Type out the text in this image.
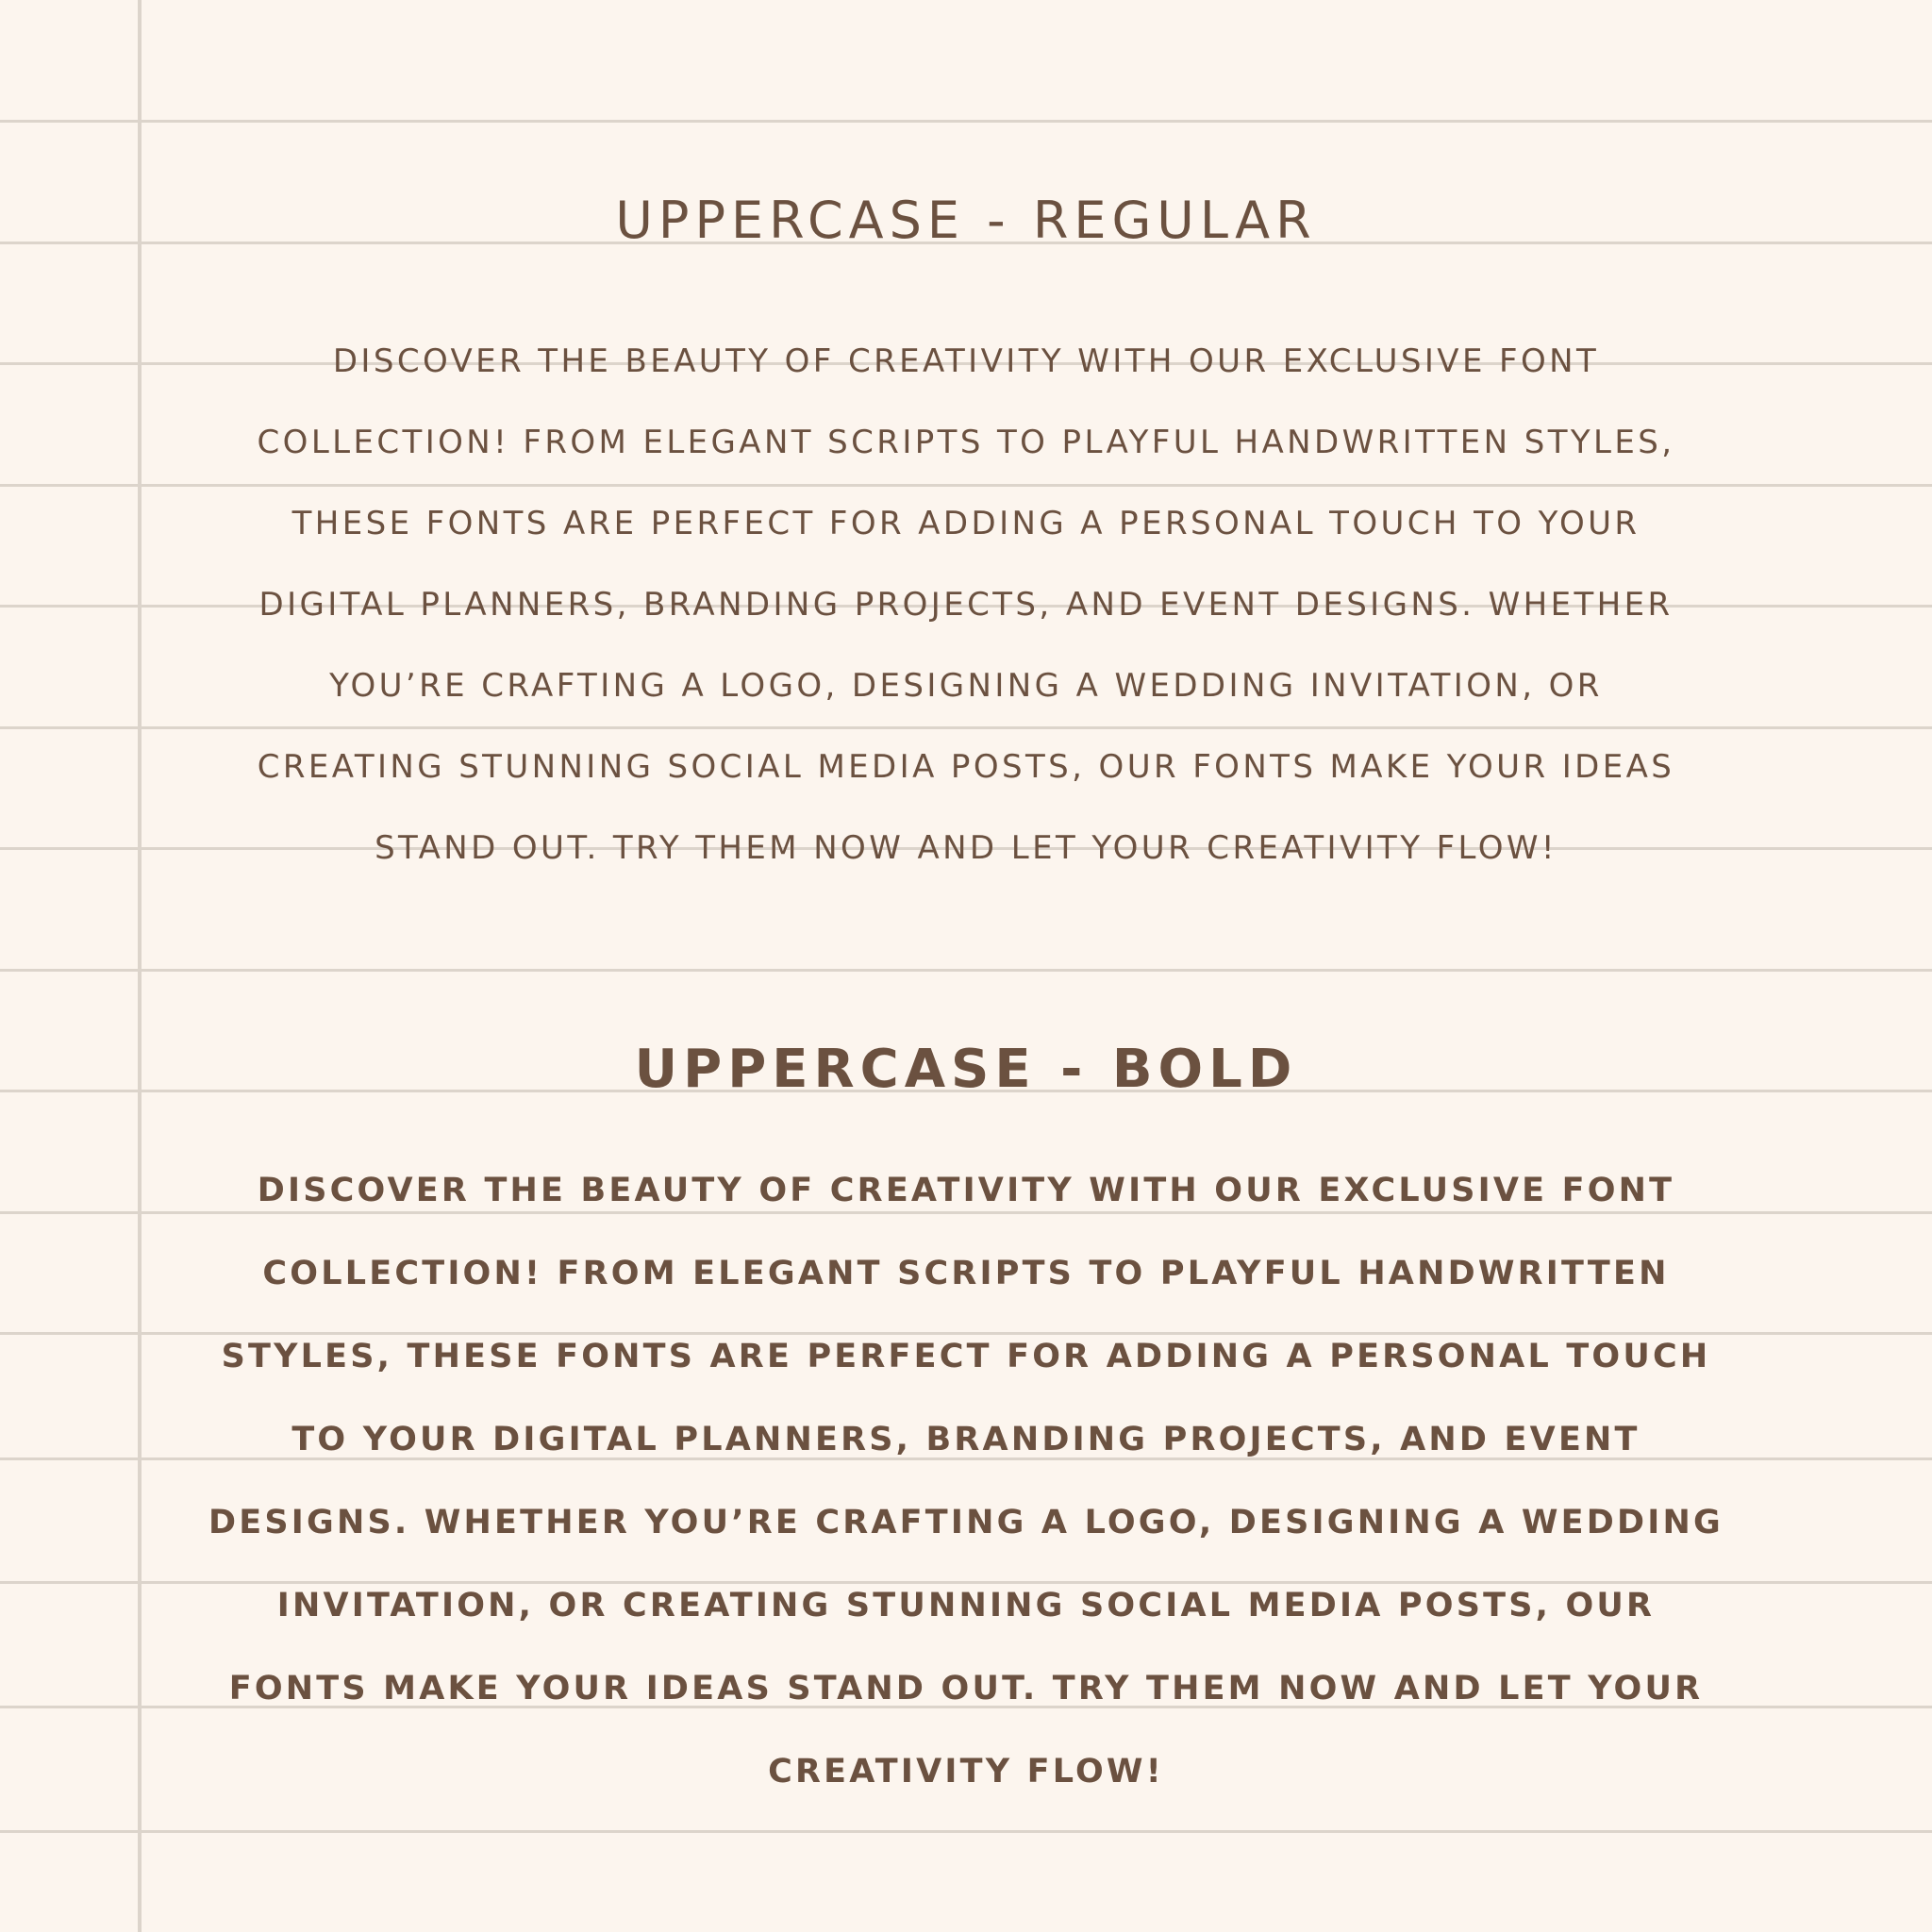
UPPERCASE - REGULAR
DISCOVER THE BEAUTY OF CREATIVITY WITH OUR EXCLUSIVE FONT
COLLECTION! FROM ELEGANT SCRIPTS TO PLAYFUL HANDWRITTEN STYLES,
THESE FONTS ARE PERFECT FOR ADDING A PERSONAL TOUCH TO YOUR
DIGITAL PLANNERS, BRANDING PROJECTS, AND EVENT DESIGNS. WHETHER
YOU’RE CRAFTING A LOGO, DESIGNING A WEDDING INVITATION, OR
CREATING STUNNING SOCIAL MEDIA POSTS, OUR FONTS MAKE YOUR IDEAS
STAND OUT. TRY THEM NOW AND LET YOUR CREATIVITY FLOW!
UPPERCASE - BOLD
DISCOVER THE BEAUTY OF CREATIVITY WITH OUR EXCLUSIVE FONT
COLLECTION! FROM ELEGANT SCRIPTS TO PLAYFUL HANDWRITTEN
STYLES, THESE FONTS ARE PERFECT FOR ADDING A PERSONAL TOUCH
TO YOUR DIGITAL PLANNERS, BRANDING PROJECTS, AND EVENT
DESIGNS. WHETHER YOU’RE CRAFTING A LOGO, DESIGNING A WEDDING
INVITATION, OR CREATING STUNNING SOCIAL MEDIA POSTS, OUR
FONTS MAKE YOUR IDEAS STAND OUT. TRY THEM NOW AND LET YOUR
CREATIVITY FLOW!
